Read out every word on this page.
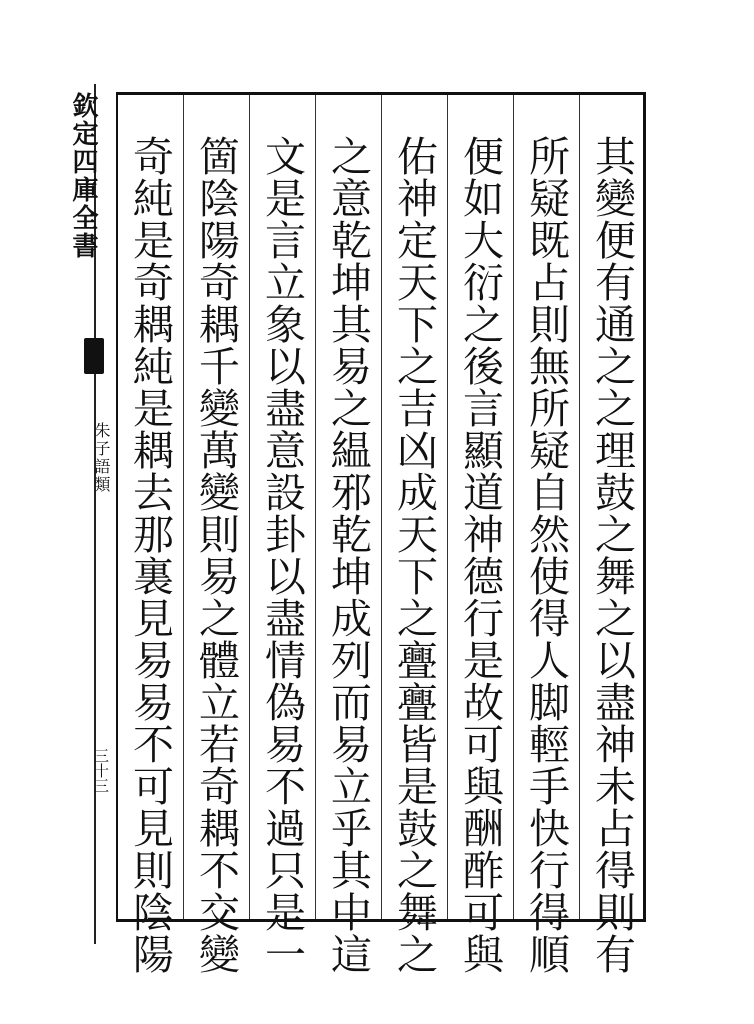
欽定四庫全書
朱子語類
三十三	其變便有通之之理鼓之舞之以盡神未占得則有
所疑既占則無所疑自然使得人脚輕手快行得順
便如大衍之後言顯道神德行是故可與酬酢可與
佑神定天下之吉凶成天下之亹亹皆是鼓之舞之
之意乾坤其易之緼邪乾坤成列而易立乎其中這
文是言立象以盡意設卦以盡情偽易不過只是一
箇陰陽奇耦千變萬變則易之體立若奇耦不交變
奇純是奇耦純是耦去那裏見易易不可見則陰陽
